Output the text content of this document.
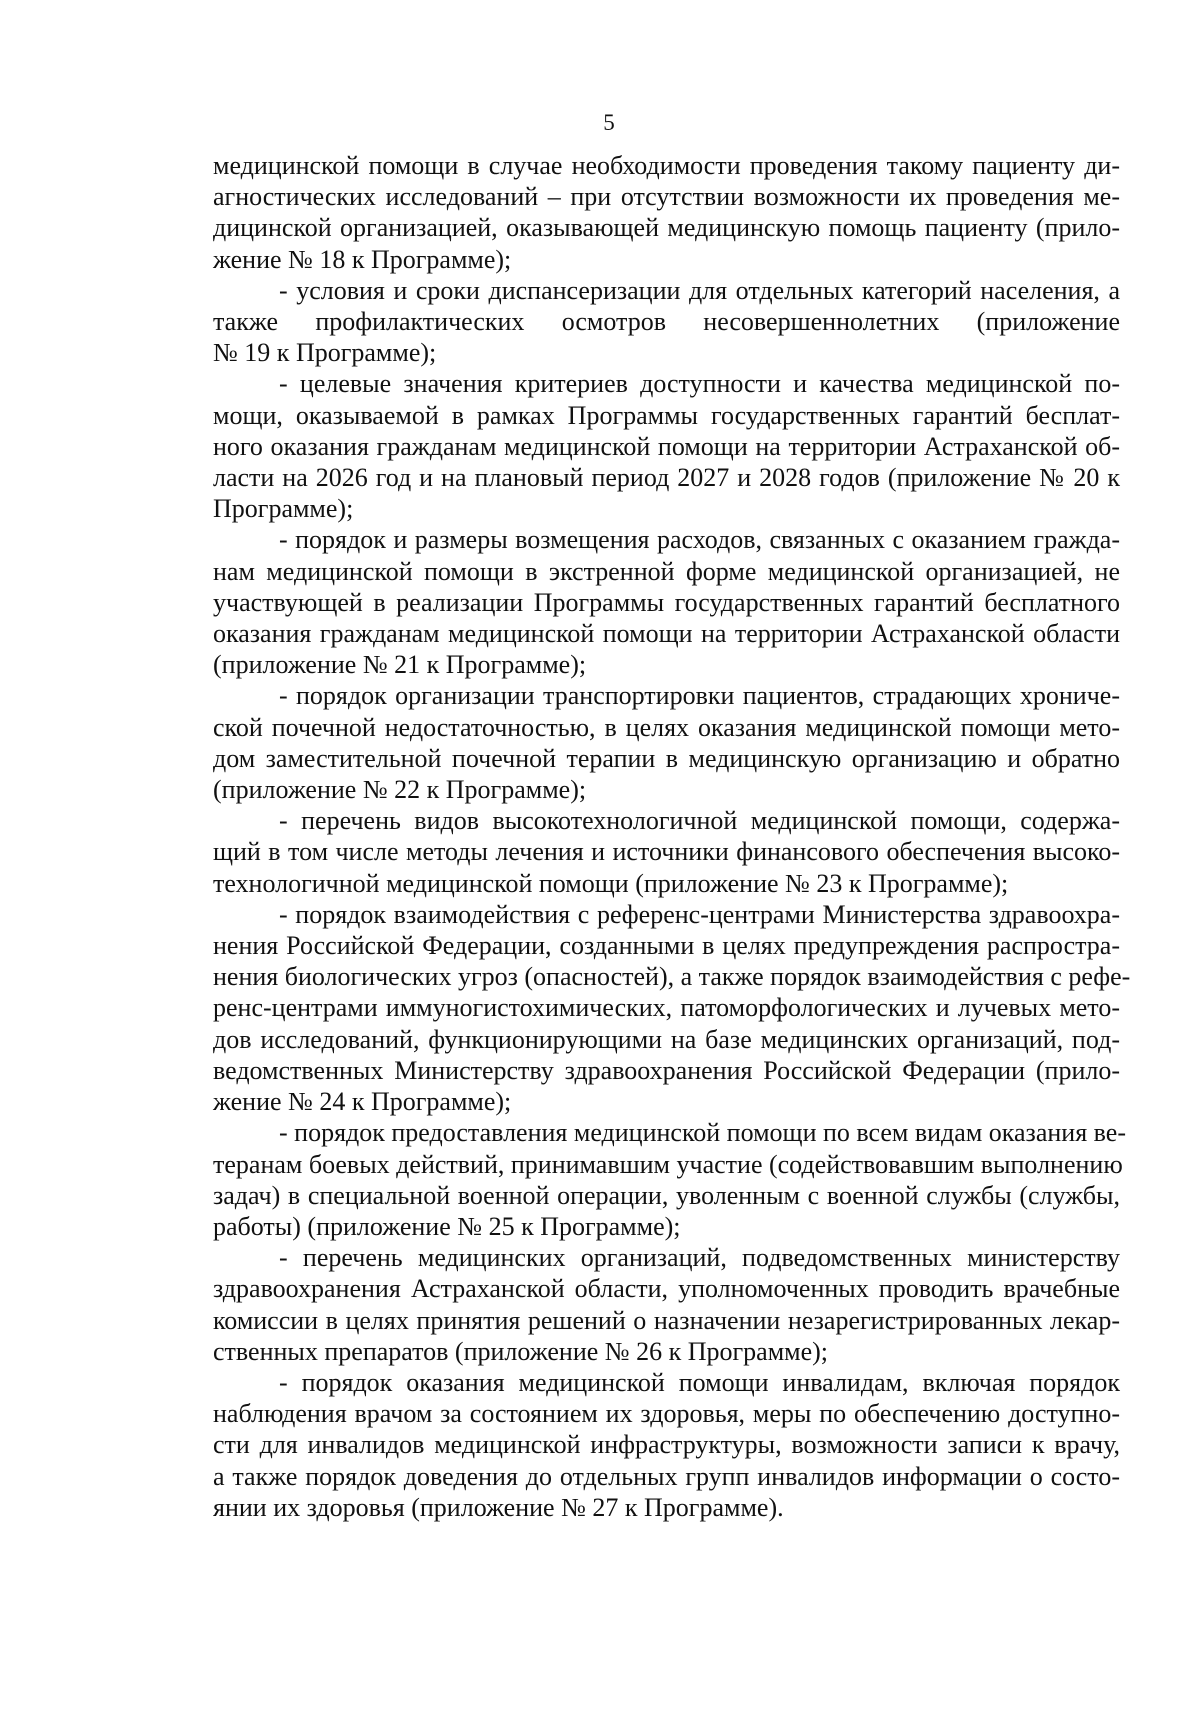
5
медицинской помощи в случае необходимости проведения такому пациенту ди-
агностических исследований – при отсутствии возможности их проведения ме-
дицинской организацией, оказывающей медицинскую помощь пациенту (прило-
жение № 18 к Программе);
- условия и сроки диспансеризации для отдельных категорий населения, а
также профилактических осмотров несовершеннолетних (приложение
№ 19 к Программе);
- целевые значения критериев доступности и качества медицинской по-
мощи, оказываемой в рамках Программы государственных гарантий бесплат-
ного оказания гражданам медицинской помощи на территории Астраханской об-
ласти на 2026 год и на плановый период 2027 и 2028 годов (приложение № 20 к
Программе);
- порядок и размеры возмещения расходов, связанных с оказанием гражда-
нам медицинской помощи в экстренной форме медицинской организацией, не
участвующей в реализации Программы государственных гарантий бесплатного
оказания гражданам медицинской помощи на территории Астраханской области
(приложение № 21 к Программе);
- порядок организации транспортировки пациентов, страдающих хрониче-
ской почечной недостаточностью, в целях оказания медицинской помощи мето-
дом заместительной почечной терапии в медицинскую организацию и обратно
(приложение № 22 к Программе);
- перечень видов высокотехнологичной медицинской помощи, содержа-
щий в том числе методы лечения и источники финансового обеспечения высоко-
технологичной медицинской помощи (приложение № 23 к Программе);
- порядок взаимодействия с референс-центрами Министерства здравоохра-
нения Российской Федерации, созданными в целях предупреждения распростра-
нения биологических угроз (опасностей), а также порядок взаимодействия с рефе-
ренс-центрами иммуногистохимических, патоморфологических и лучевых мето-
дов исследований, функционирующими на базе медицинских организаций, под-
ведомственных Министерству здравоохранения Российской Федерации (прило-
жение № 24 к Программе);
- порядок предоставления медицинской помощи по всем видам оказания ве-
теранам боевых действий, принимавшим участие (содействовавшим выполнению
задач) в специальной военной операции, уволенным с военной службы (службы,
работы) (приложение № 25 к Программе);
- перечень медицинских организаций, подведомственных министерству
здравоохранения Астраханской области, уполномоченных проводить врачебные
комиссии в целях принятия решений о назначении незарегистрированных лекар-
ственных препаратов (приложение № 26 к Программе);
- порядок оказания медицинской помощи инвалидам, включая порядок
наблюдения врачом за состоянием их здоровья, меры по обеспечению доступно-
сти для инвалидов медицинской инфраструктуры, возможности записи к врачу,
а также порядок доведения до отдельных групп инвалидов информации о состо-
янии их здоровья (приложение № 27 к Программе).
